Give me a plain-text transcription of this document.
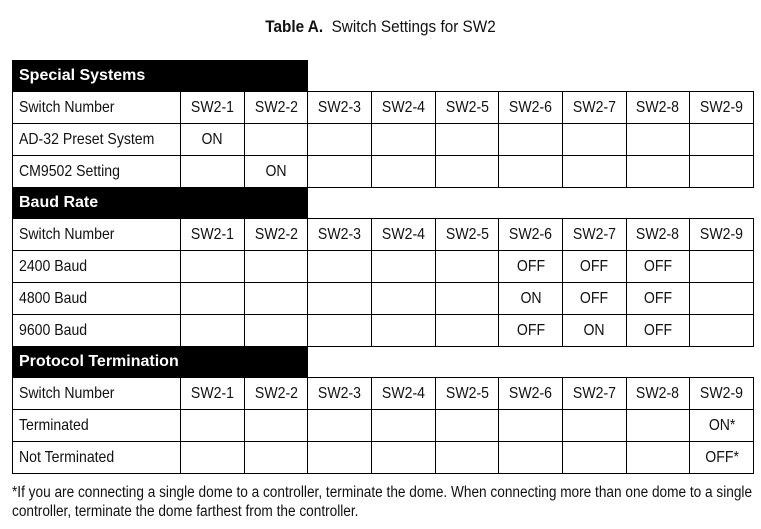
Table A. Switch Settings for SW2
Special Systems									
Switch Number	SW2-1	SW2-2	SW2-3	SW2-4	SW2-5	SW2-6	SW2-7	SW2-8	SW2-9
AD-32 Preset System	ON								
CM9502 Setting		ON							
Baud Rate									
Switch Number	SW2-1	SW2-2	SW2-3	SW2-4	SW2-5	SW2-6	SW2-7	SW2-8	SW2-9
2400 Baud						OFF	OFF	OFF	
4800 Baud						ON	OFF	OFF	
9600 Baud						OFF	ON	OFF	
Protocol Termination									
Switch Number	SW2-1	SW2-2	SW2-3	SW2-4	SW2-5	SW2-6	SW2-7	SW2-8	SW2-9
Terminated									ON*
Not Terminated									OFF*
*If you are connecting a single dome to a controller, terminate the dome. When connecting more than one dome to a single controller, terminate the dome farthest from the controller.
